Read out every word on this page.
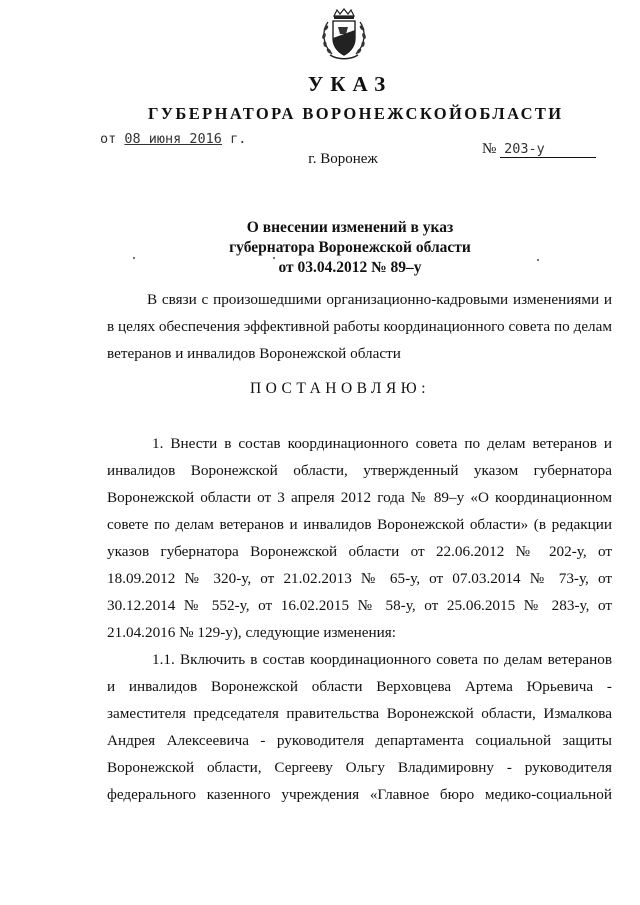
УКАЗ
ГУБЕРНАТОРА ВОРОНЕЖСКОЙОБЛАСТИ
от 08 июня 2016 г.
№ 203-у
г. Воронеж
О внесении изменений в указ
губернатора Воронежской области
от 03.04.2012 № 89–у
В связи с произошедшими организационно-кадровыми изменениями и
в целях обеспечения эффективной работы координационного совета по делам
ветеранов и инвалидов Воронежской области
ПОСТАНОВЛЯЮ:
1. Внести в состав координационного совета по делам ветеранов и
инвалидов Воронежской области, утвержденный указом губернатора
Воронежской области от 3 апреля 2012 года № 89–у «О координационном
совете по делам ветеранов и инвалидов Воронежской области» (в редакции
указов губернатора Воронежской области от 22.06.2012 № 202-у, от
18.09.2012 № 320-у, от 21.02.2013 № 65-у, от 07.03.2014 № 73-у, от
30.12.2014 № 552-у, от 16.02.2015 № 58-у, от 25.06.2015 № 283-у, от
21.04.2016 № 129-у), следующие изменения:
1.1. Включить в состав координационного совета по делам ветеранов
и инвалидов Воронежской области Верховцева Артема Юрьевича -
заместителя председателя правительства Воронежской области, Измалкова
Андрея Алексеевича - руководителя департамента социальной защиты
Воронежской области, Сергееву Ольгу Владимировну - руководителя
федерального казенного учреждения «Главное бюро медико-социальной
